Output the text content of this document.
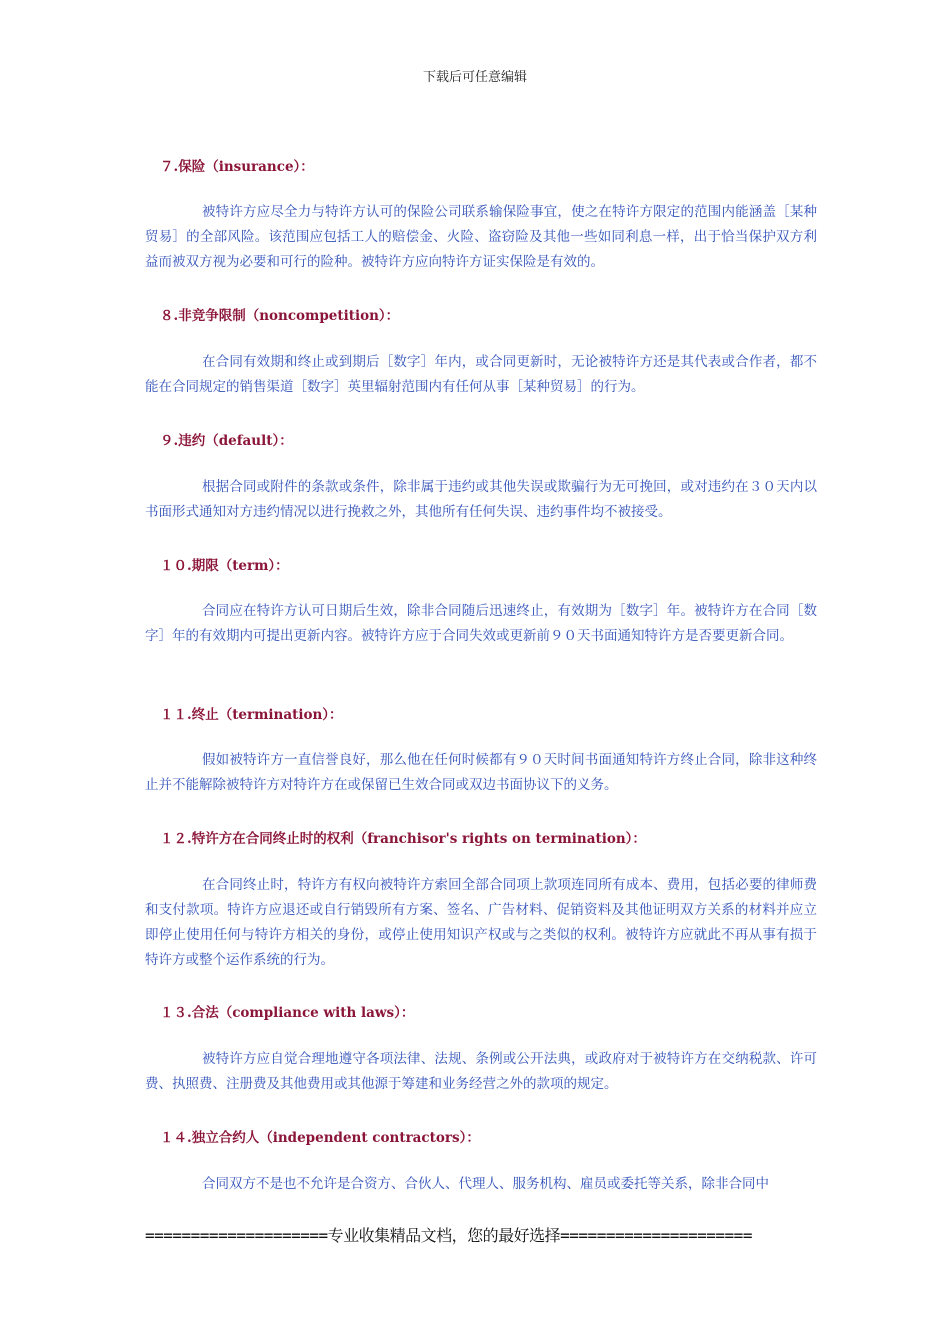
下载后可任意编辑
７.保险（insurance）：
被特许方应尽全力与特许方认可的保险公司联系输保险事宜，使之在特许方限定的范围内能涵盖［某种贸易］的全部风险。该范围应包括工人的赔偿金、火险、盗窃险及其他一些如同利息一样，出于恰当保护双方利益而被双方视为必要和可行的险种。被特许方应向特许方证实保险是有效的。
８.非竞争限制（noncompetition）：
在合同有效期和终止或到期后［数字］年内，或合同更新时，无论被特许方还是其代表或合作者，都不能在合同规定的销售渠道［数字］英里辐射范围内有任何从事［某种贸易］的行为。
９.违约（default）：
根据合同或附件的条款或条件，除非属于违约或其他失误或欺骗行为无可挽回，或对违约在３０天内以书面形式通知对方违约情况以进行挽救之外，其他所有任何失误、违约事件均不被接受。
１０.期限（term）：
合同应在特许方认可日期后生效，除非合同随后迅速终止，有效期为［数字］年。被特许方在合同［数字］年的有效期内可提出更新内容。被特许方应于合同失效或更新前９０天书面通知特许方是否要更新合同。
１１.终止（termination）：
假如被特许方一直信誉良好，那么他在任何时候都有９０天时间书面通知特许方终止合同，除非这种终止并不能解除被特许方对特许方在或保留已生效合同或双边书面协议下的义务。
１２.特许方在合同终止时的权利（franchisor's rights on termination）：
在合同终止时，特许方有权向被特许方索回全部合同项上款项连同所有成本、费用，包括必要的律师费和支付款项。特许方应退还或自行销毁所有方案、签名、广告材料、促销资料及其他证明双方关系的材料并应立即停止使用任何与特许方相关的身份，或停止使用知识产权或与之类似的权利。被特许方应就此不再从事有损于特许方或整个运作系统的行为。
１３.合法（compliance with laws）：
被特许方应自觉合理地遵守各项法律、法规、条例或公开法典，或政府对于被特许方在交纳税款、许可费、执照费、注册费及其他费用或其他源于筹建和业务经营之外的款项的规定。
１４.独立合约人（independent contractors）：
合同双方不是也不允许是合资方、合伙人、代理人、服务机构、雇员或委托等关系，除非合同中
====================专业收集精品文档，您的最好选择=====================
